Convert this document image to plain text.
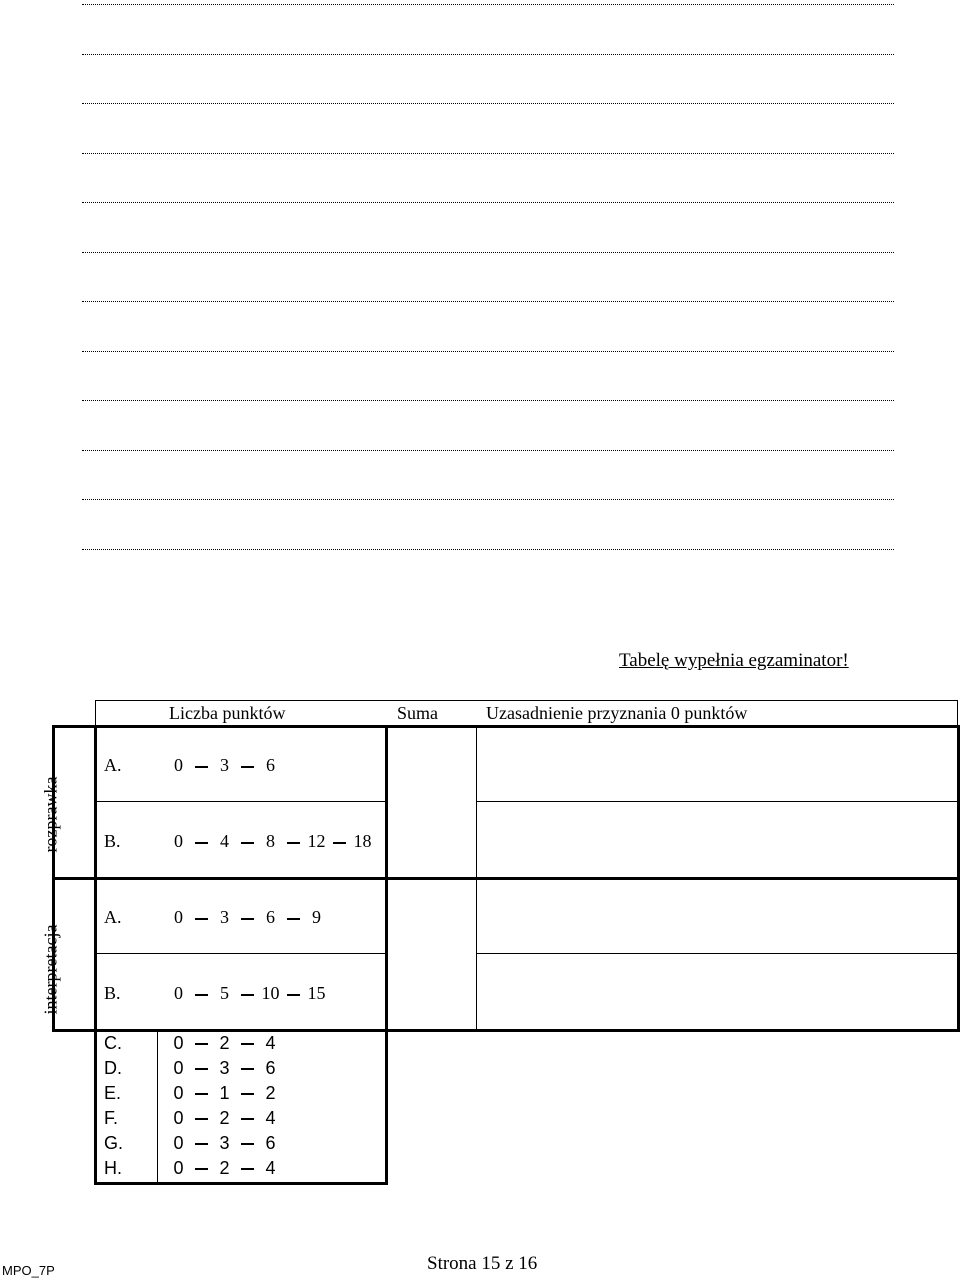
Tabelę wypełnia egzaminator!
Liczba punktów	Suma	Uzasadnienie przyznania 0 punktów
rozprawka
interpretacja
A.	0 3 6
B.	0 4 8 12 18
A.	0 3 6 9
B.	0 5 10 15
C.	0 2 4
D.	0 3 6
E.	0 1 2
F.	0 2 4
G.	0 3 6
H.	0 2 4
MPO_7P	Strona 15 z 16
